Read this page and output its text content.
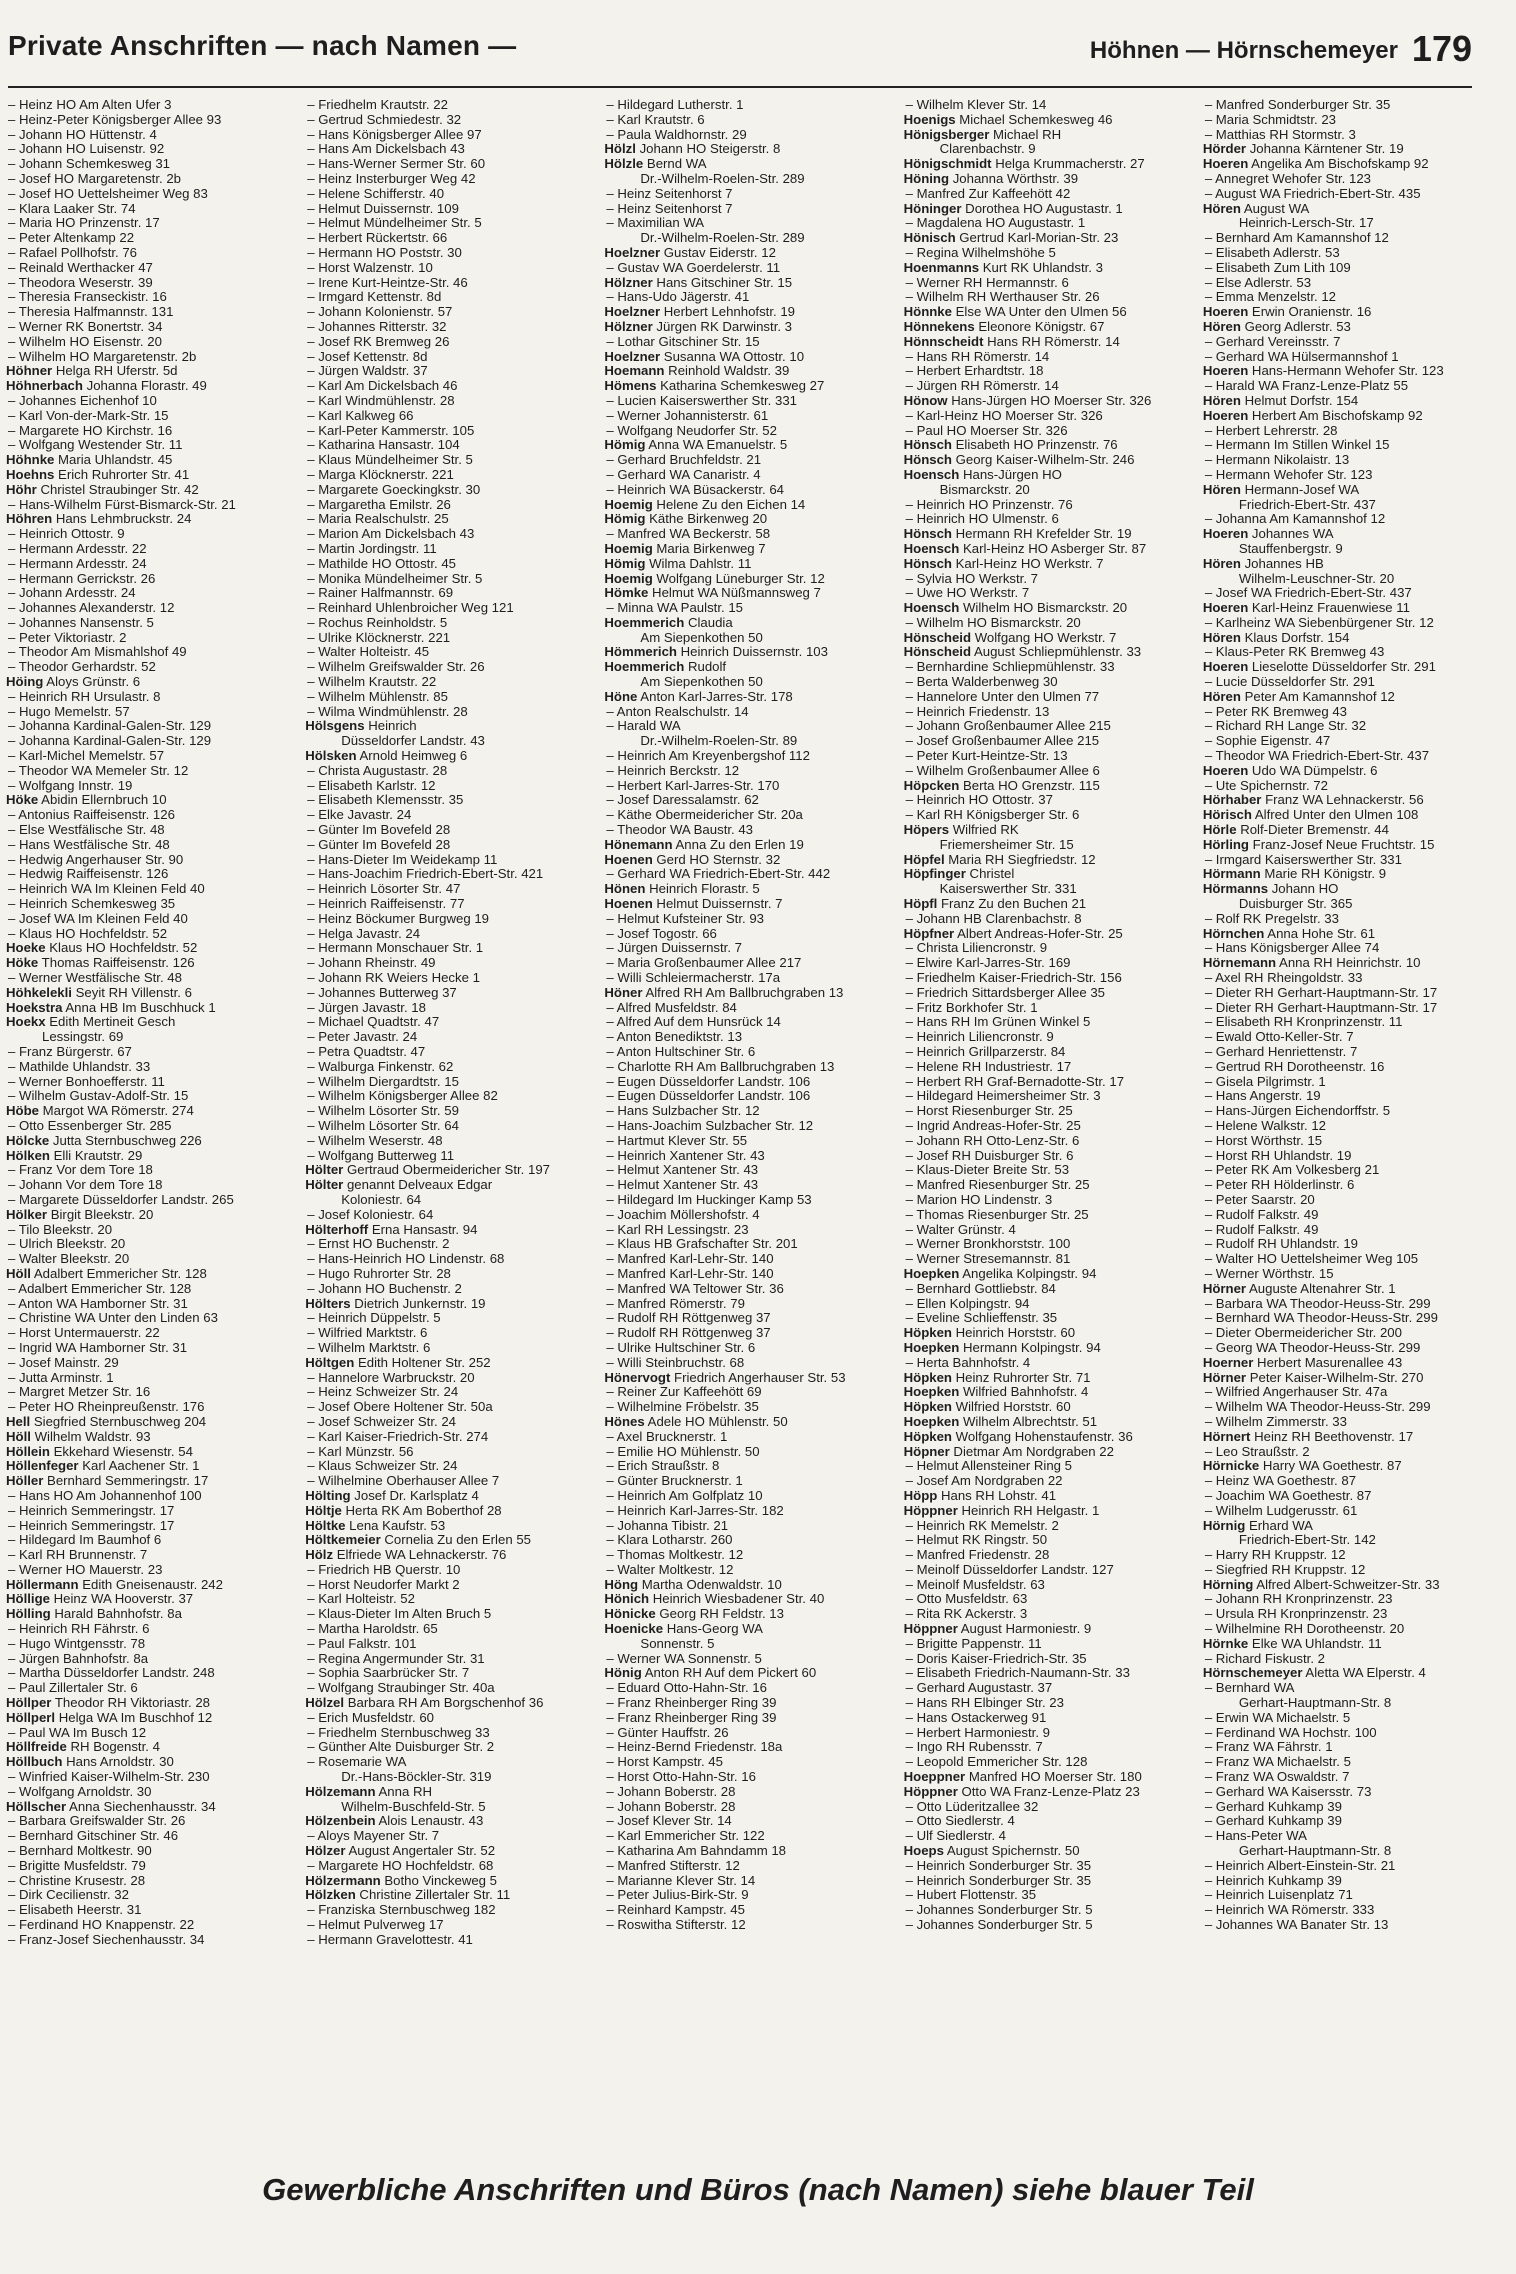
Private Anschriften — nach Namen —	Höhnen — Hörnschemeyer 179
– Heinz HO Am Alten Ufer 3
– Heinz-Peter Königsberger Allee 93
– Johann HO Hüttenstr. 4
– Johann HO Luisenstr. 92
– Johann Schemkesweg 31
– Josef HO Margaretenstr. 2b
– Josef HO Uettelsheimer Weg 83
– Klara Laaker Str. 74
– Maria HO Prinzenstr. 17
– Peter Altenkamp 22
– Rafael Pollhofstr. 76
– Reinald Werthacker 47
– Theodora Weserstr. 39
– Theresia Franseckistr. 16
– Theresia Halfmannstr. 131
– Werner RK Bonertstr. 34
– Wilhelm HO Eisenstr. 20
– Wilhelm HO Margaretenstr. 2b
Höhner Helga RH Uferstr. 5d
Höhnerbach Johanna Florastr. 49
– Johannes Eichenhof 10
– Karl Von-der-Mark-Str. 15
– Margarete HO Kirchstr. 16
– Wolfgang Westender Str. 11
Höhnke Maria Uhlandstr. 45
Hoehns Erich Ruhrorter Str. 41
Höhr Christel Straubinger Str. 42
– Hans-Wilhelm Fürst-Bismarck-Str. 21
Höhren Hans Lehmbruckstr. 24
– Heinrich Ottostr. 9
– Hermann Ardesstr. 22
– Hermann Ardesstr. 24
– Hermann Gerrickstr. 26
– Johann Ardesstr. 24
– Johannes Alexanderstr. 12
– Johannes Nansenstr. 5
– Peter Viktoriastr. 2
– Theodor Am Mismahlshof 49
– Theodor Gerhardstr. 52
Höing Aloys Grünstr. 6
– Heinrich RH Ursulastr. 8
– Hugo Memelstr. 57
– Johanna Kardinal-Galen-Str. 129
– Johanna Kardinal-Galen-Str. 129
– Karl-Michel Memelstr. 57
– Theodor WA Memeler Str. 12
– Wolfgang Innstr. 19
Höke Abidin Ellernbruch 10
– Antonius Raiffeisenstr. 126
– Else Westfälische Str. 48
– Hans Westfälische Str. 48
– Hedwig Angerhauser Str. 90
– Hedwig Raiffeisenstr. 126
– Heinrich WA Im Kleinen Feld 40
– Heinrich Schemkesweg 35
– Josef WA Im Kleinen Feld 40
– Klaus HO Hochfeldstr. 52
Hoeke Klaus HO Hochfeldstr. 52
Höke Thomas Raiffeisenstr. 126
– Werner Westfälische Str. 48
Höhkelekli Seyit RH Villenstr. 6
Hoekstra Anna HB Im Buschhuck 1
Hoekx Edith Mertineit Gesch
Lessingstr. 69
– Franz Bürgerstr. 67
– Mathilde Uhlandstr. 33
– Werner Bonhoefferstr. 11
– Wilhelm Gustav-Adolf-Str. 15
Höbe Margot WA Römerstr. 274
– Otto Essenberger Str. 285
Hölcke Jutta Sternbuschweg 226
Hölken Elli Krautstr. 29
– Franz Vor dem Tore 18
– Johann Vor dem Tore 18
– Margarete Düsseldorfer Landstr. 265
Hölker Birgit Bleekstr. 20
– Tilo Bleekstr. 20
– Ulrich Bleekstr. 20
– Walter Bleekstr. 20
Höll Adalbert Emmericher Str. 128
– Adalbert Emmericher Str. 128
– Anton WA Hamborner Str. 31
– Christine WA Unter den Linden 63
– Horst Untermauerstr. 22
– Ingrid WA Hamborner Str. 31
– Josef Mainstr. 29
– Jutta Arminstr. 1
– Margret Metzer Str. 16
– Peter HO Rheinpreußenstr. 176
Hell Siegfried Sternbuschweg 204
Höll Wilhelm Waldstr. 93
Höllein Ekkehard Wiesenstr. 54
Höllenfeger Karl Aachener Str. 1
Höller Bernhard Semmeringstr. 17
– Hans HO Am Johannenhof 100
– Heinrich Semmeringstr. 17
– Heinrich Semmeringstr. 17
– Hildegard Im Baumhof 6
– Karl RH Brunnenstr. 7
– Werner HO Mauerstr. 23
Höllermann Edith Gneisenaustr. 242
Höllige Heinz WA Hooverstr. 37
Hölling Harald Bahnhofstr. 8a
– Heinrich RH Fährstr. 6
– Hugo Wintgensstr. 78
– Jürgen Bahnhofstr. 8a
– Martha Düsseldorfer Landstr. 248
– Paul Zillertaler Str. 6
Höllper Theodor RH Viktoriastr. 28
Höllperl Helga WA Im Buschhof 12
– Paul WA Im Busch 12
Höllfreide RH Bogenstr. 4
Höllbuch Hans Arnoldstr. 30
– Winfried Kaiser-Wilhelm-Str. 230
– Wolfgang Arnoldstr. 30
Höllscher Anna Siechenhausstr. 34
– Barbara Greifswalder Str. 26
– Bernhard Gitschiner Str. 46
– Bernhard Moltkestr. 90
– Brigitte Musfeldstr. 79
– Christine Krusestr. 28
– Dirk Cecilienstr. 32
– Elisabeth Heerstr. 31
– Ferdinand HO Knappenstr. 22
– Franz-Josef Siechenhausstr. 34
– Friedhelm Krautstr. 22
– Gertrud Schmiedestr. 32
– Hans Königsberger Allee 97
– Hans Am Dickelsbach 43
– Hans-Werner Sermer Str. 60
– Heinz Insterburger Weg 42
– Helene Schifferstr. 40
– Helmut Duissernstr. 109
– Helmut Mündelheimer Str. 5
– Herbert Rückertstr. 66
– Hermann HO Poststr. 30
– Horst Walzenstr. 10
– Irene Kurt-Heintze-Str. 46
– Irmgard Kettenstr. 8d
– Johann Kolonienstr. 57
– Johannes Ritterstr. 32
– Josef RK Bremweg 26
– Josef Kettenstr. 8d
– Jürgen Waldstr. 37
– Karl Am Dickelsbach 46
– Karl Windmühlenstr. 28
– Karl Kalkweg 66
– Karl-Peter Kammerstr. 105
– Katharina Hansastr. 104
– Klaus Mündelheimer Str. 5
– Marga Klöcknerstr. 221
– Margarete Goeckingkstr. 30
– Margaretha Emilstr. 26
– Maria Realschulstr. 25
– Marion Am Dickelsbach 43
– Martin Jordingstr. 11
– Mathilde HO Ottostr. 45
– Monika Mündelheimer Str. 5
– Rainer Halfmannstr. 69
– Reinhard Uhlenbroicher Weg 121
– Rochus Reinholdstr. 5
– Ulrike Klöcknerstr. 221
– Walter Holteistr. 45
– Wilhelm Greifswalder Str. 26
– Wilhelm Krautstr. 22
– Wilhelm Mühlenstr. 85
– Wilma Windmühlenstr. 28
Hölsgens Heinrich
Düsseldorfer Landstr. 43
Hölsken Arnold Heimweg 6
– Christa Augustastr. 28
– Elisabeth Karlstr. 12
– Elisabeth Klemensstr. 35
– Elke Javastr. 24
– Günter Im Bovefeld 28
– Günter Im Bovefeld 28
– Hans-Dieter Im Weidekamp 11
– Hans-Joachim Friedrich-Ebert-Str. 421
– Heinrich Lösorter Str. 47
– Heinrich Raiffeisenstr. 77
– Heinz Böckumer Burgweg 19
– Helga Javastr. 24
– Hermann Monschauer Str. 1
– Johann Rheinstr. 49
– Johann RK Weiers Hecke 1
– Johannes Butterweg 37
– Jürgen Javastr. 18
– Michael Quadtstr. 47
– Peter Javastr. 24
– Petra Quadtstr. 47
– Walburga Finkenstr. 62
– Wilhelm Diergardtstr. 15
– Wilhelm Königsberger Allee 82
– Wilhelm Lösorter Str. 59
– Wilhelm Lösorter Str. 64
– Wilhelm Weserstr. 48
– Wolfgang Butterweg 11
Hölter Gertraud Obermeidericher Str. 197
Hölter genannt Delveaux Edgar
Koloniestr. 64
– Josef Koloniestr. 64
Hölterhoff Erna Hansastr. 94
– Ernst HO Buchenstr. 2
– Hans-Heinrich HO Lindenstr. 68
– Hugo Ruhrorter Str. 28
– Johann HO Buchenstr. 2
Hölters Dietrich Junkernstr. 19
– Heinrich Düppelstr. 5
– Wilfried Marktstr. 6
– Wilhelm Marktstr. 6
Höltgen Edith Holtener Str. 252
– Hannelore Warbruckstr. 20
– Heinz Schweizer Str. 24
– Josef Obere Holtener Str. 50a
– Josef Schweizer Str. 24
– Karl Kaiser-Friedrich-Str. 274
– Karl Münzstr. 56
– Klaus Schweizer Str. 24
– Wilhelmine Oberhauser Allee 7
Hölting Josef Dr. Karlsplatz 4
Höltje Herta RK Am Boberthof 28
Höltke Lena Kaufstr. 53
Höltkemeier Cornelia Zu den Erlen 55
Hölz Elfriede WA Lehnackerstr. 76
– Friedrich HB Querstr. 10
– Horst Neudorfer Markt 2
– Karl Holteistr. 52
– Klaus-Dieter Im Alten Bruch 5
– Martha Haroldstr. 65
– Paul Falkstr. 101
– Regina Angermunder Str. 31
– Sophia Saarbrücker Str. 7
– Wolfgang Straubinger Str. 40a
Hölzel Barbara RH Am Borgschenhof 36
– Erich Musfeldstr. 60
– Friedhelm Sternbuschweg 33
– Günther Alte Duisburger Str. 2
– Rosemarie WA
Dr.-Hans-Böckler-Str. 319
Hölzemann Anna RH
Wilhelm-Buschfeld-Str. 5
Hölzenbein Alois Lenaustr. 43
– Aloys Mayener Str. 7
Hölzer August Angertaler Str. 52
– Margarete HO Hochfeldstr. 68
Hölzermann Botho Vinckeweg 5
Hölzken Christine Zillertaler Str. 11
– Franziska Sternbuschweg 182
– Helmut Pulverweg 17
– Hermann Gravelottestr. 41
– Hildegard Lutherstr. 1
– Karl Krautstr. 6
– Paula Waldhornstr. 29
Hölzl Johann HO Steigerstr. 8
Hölzle Bernd WA
Dr.-Wilhelm-Roelen-Str. 289
– Heinz Seitenhorst 7
– Heinz Seitenhorst 7
– Maximilian WA
Dr.-Wilhelm-Roelen-Str. 289
Hoelzner Gustav Eiderstr. 12
– Gustav WA Goerdelerstr. 11
Hölzner Hans Gitschiner Str. 15
– Hans-Udo Jägerstr. 41
Hoelzner Herbert Lehnhofstr. 19
Hölzner Jürgen RK Darwinstr. 3
– Lothar Gitschiner Str. 15
Hoelzner Susanna WA Ottostr. 10
Hoemann Reinhold Waldstr. 39
Hömens Katharina Schemkesweg 27
– Lucien Kaiserswerther Str. 331
– Werner Johannisterstr. 61
– Wolfgang Neudorfer Str. 52
Hömig Anna WA Emanuelstr. 5
– Gerhard Bruchfeldstr. 21
– Gerhard WA Canaristr. 4
– Heinrich WA Büsackerstr. 64
Hoemig Helene Zu den Eichen 14
Hömig Käthe Birkenweg 20
– Manfred WA Beckerstr. 58
Hoemig Maria Birkenweg 7
Hömig Wilma Dahlstr. 11
Hoemig Wolfgang Lüneburger Str. 12
Hömke Helmut WA Nüßmannsweg 7
– Minna WA Paulstr. 15
Hoemmerich Claudia
Am Siepenkothen 50
Hömmerich Heinrich Duissernstr. 103
Hoemmerich Rudolf
Am Siepenkothen 50
Höne Anton Karl-Jarres-Str. 178
– Anton Realschulstr. 14
– Harald WA
Dr.-Wilhelm-Roelen-Str. 89
– Heinrich Am Kreyenbergshof 112
– Heinrich Berckstr. 12
– Herbert Karl-Jarres-Str. 170
– Josef Daressalamstr. 62
– Käthe Obermeidericher Str. 20a
– Theodor WA Baustr. 43
Hönemann Anna Zu den Erlen 19
Hoenen Gerd HO Sternstr. 32
– Gerhard WA Friedrich-Ebert-Str. 442
Hönen Heinrich Florastr. 5
Hoenen Helmut Duissernstr. 7
– Helmut Kufsteiner Str. 93
– Josef Togostr. 66
– Jürgen Duissernstr. 7
– Maria Großenbaumer Allee 217
– Willi Schleiermacherstr. 17a
Höner Alfred RH Am Ballbruchgraben 13
– Alfred Musfeldstr. 84
– Alfred Auf dem Hunsrück 14
– Anton Benediktstr. 13
– Anton Hultschiner Str. 6
– Charlotte RH Am Ballbruchgraben 13
– Eugen Düsseldorfer Landstr. 106
– Eugen Düsseldorfer Landstr. 106
– Hans Sulzbacher Str. 12
– Hans-Joachim Sulzbacher Str. 12
– Hartmut Klever Str. 55
– Heinrich Xantener Str. 43
– Helmut Xantener Str. 43
– Helmut Xantener Str. 43
– Hildegard Im Huckinger Kamp 53
– Joachim Möllershofstr. 4
– Karl RH Lessingstr. 23
– Klaus HB Grafschafter Str. 201
– Manfred Karl-Lehr-Str. 140
– Manfred Karl-Lehr-Str. 140
– Manfred WA Teltower Str. 36
– Manfred Römerstr. 79
– Rudolf RH Röttgenweg 37
– Rudolf RH Röttgenweg 37
– Ulrike Hultschiner Str. 6
– Willi Steinbruchstr. 68
Hönervogt Friedrich Angerhauser Str. 53
– Reiner Zur Kaffeehött 69
– Wilhelmine Fröbelstr. 35
Hönes Adele HO Mühlenstr. 50
– Axel Brucknerstr. 1
– Emilie HO Mühlenstr. 50
– Erich Straußstr. 8
– Günter Brucknerstr. 1
– Heinrich Am Golfplatz 10
– Heinrich Karl-Jarres-Str. 182
– Johanna Tibistr. 21
– Klara Lotharstr. 260
– Thomas Moltkestr. 12
– Walter Moltkestr. 12
Höng Martha Odenwaldstr. 10
Hönich Heinrich Wiesbadener Str. 40
Hönicke Georg RH Feldstr. 13
Hoenicke Hans-Georg WA
Sonnenstr. 5
– Werner WA Sonnenstr. 5
Hönig Anton RH Auf dem Pickert 60
– Eduard Otto-Hahn-Str. 16
– Franz Rheinberger Ring 39
– Franz Rheinberger Ring 39
– Günter Hauffstr. 26
– Heinz-Bernd Friedenstr. 18a
– Horst Kampstr. 45
– Horst Otto-Hahn-Str. 16
– Johann Boberstr. 28
– Johann Boberstr. 28
– Josef Klever Str. 14
– Karl Emmericher Str. 122
– Katharina Am Bahndamm 18
– Manfred Stifterstr. 12
– Marianne Klever Str. 14
– Peter Julius-Birk-Str. 9
– Reinhard Kampstr. 45
– Roswitha Stifterstr. 12
– Wilhelm Klever Str. 14
Hoenigs Michael Schemkesweg 46
Hönigsberger Michael RH
Clarenbachstr. 9
Hönigschmidt Helga Krummacherstr. 27
Höning Johanna Wörthstr. 39
– Manfred Zur Kaffeehött 42
Höninger Dorothea HO Augustastr. 1
– Magdalena HO Augustastr. 1
Hönisch Gertrud Karl-Morian-Str. 23
– Regina Wilhelmshöhe 5
Hoenmanns Kurt RK Uhlandstr. 3
– Werner RH Hermannstr. 6
– Wilhelm RH Werthauser Str. 26
Hönnke Else WA Unter den Ulmen 56
Hönnekens Eleonore Königstr. 67
Hönnscheidt Hans RH Römerstr. 14
– Hans RH Römerstr. 14
– Herbert Erhardtstr. 18
– Jürgen RH Römerstr. 14
Hönow Hans-Jürgen HO Moerser Str. 326
– Karl-Heinz HO Moerser Str. 326
– Paul HO Moerser Str. 326
Hönsch Elisabeth HO Prinzenstr. 76
Hönsch Georg Kaiser-Wilhelm-Str. 246
Hoensch Hans-Jürgen HO
Bismarckstr. 20
– Heinrich HO Prinzenstr. 76
– Heinrich HO Ulmenstr. 6
Hönsch Hermann RH Krefelder Str. 19
Hoensch Karl-Heinz HO Asberger Str. 87
Hönsch Karl-Heinz HO Werkstr. 7
– Sylvia HO Werkstr. 7
– Uwe HO Werkstr. 7
Hoensch Wilhelm HO Bismarckstr. 20
– Wilhelm HO Bismarckstr. 20
Hönscheid Wolfgang HO Werkstr. 7
Hönscheid August Schliepmühlenstr. 33
– Bernhardine Schliepmühlenstr. 33
– Berta Walderbenweg 30
– Hannelore Unter den Ulmen 77
– Heinrich Friedenstr. 13
– Johann Großenbaumer Allee 215
– Josef Großenbaumer Allee 215
– Peter Kurt-Heintze-Str. 13
– Wilhelm Großenbaumer Allee 6
Höpcken Berta HO Grenzstr. 115
– Heinrich HO Ottostr. 37
– Karl RH Königsberger Str. 6
Höpers Wilfried RK
Friemersheimer Str. 15
Höpfel Maria RH Siegfriedstr. 12
Höpfinger Christel
Kaiserswerther Str. 331
Höpfl Franz Zu den Buchen 21
– Johann HB Clarenbachstr. 8
Höpfner Albert Andreas-Hofer-Str. 25
– Christa Liliencronstr. 9
– Elwire Karl-Jarres-Str. 169
– Friedhelm Kaiser-Friedrich-Str. 156
– Friedrich Sittardsberger Allee 35
– Fritz Borkhofer Str. 1
– Hans RH Im Grünen Winkel 5
– Heinrich Liliencronstr. 9
– Heinrich Grillparzerstr. 84
– Helene RH Industriestr. 17
– Herbert RH Graf-Bernadotte-Str. 17
– Hildegard Heimersheimer Str. 3
– Horst Riesenburger Str. 25
– Ingrid Andreas-Hofer-Str. 25
– Johann RH Otto-Lenz-Str. 6
– Josef RH Duisburger Str. 6
– Klaus-Dieter Breite Str. 53
– Manfred Riesenburger Str. 25
– Marion HO Lindenstr. 3
– Thomas Riesenburger Str. 25
– Walter Grünstr. 4
– Werner Bronkhorststr. 100
– Werner Stresemannstr. 81
Hoepken Angelika Kolpingstr. 94
– Bernhard Gottliebstr. 84
– Ellen Kolpingstr. 94
– Eveline Schlieffenstr. 35
Höpken Heinrich Horststr. 60
Hoepken Hermann Kolpingstr. 94
– Herta Bahnhofstr. 4
Höpken Heinz Ruhrorter Str. 71
Hoepken Wilfried Bahnhofstr. 4
Höpken Wilfried Horststr. 60
Hoepken Wilhelm Albrechtstr. 51
Höpken Wolfgang Hohenstaufenstr. 36
Höpner Dietmar Am Nordgraben 22
– Helmut Allensteiner Ring 5
– Josef Am Nordgraben 22
Höpp Hans RH Lohstr. 41
Höppner Heinrich RH Helgastr. 1
– Heinrich RK Memelstr. 2
– Helmut RK Ringstr. 50
– Manfred Friedenstr. 28
– Meinolf Düsseldorfer Landstr. 127
– Meinolf Musfeldstr. 63
– Otto Musfeldstr. 63
– Rita RK Ackerstr. 3
Höppner August Harmoniestr. 9
– Brigitte Pappenstr. 11
– Doris Kaiser-Friedrich-Str. 35
– Elisabeth Friedrich-Naumann-Str. 33
– Gerhard Augustastr. 37
– Hans RH Elbinger Str. 23
– Hans Ostackerweg 91
– Herbert Harmoniestr. 9
– Ingo RH Rubensstr. 7
– Leopold Emmericher Str. 128
Hoeppner Manfred HO Moerser Str. 180
Höppner Otto WA Franz-Lenze-Platz 23
– Otto Lüderitzallee 32
– Otto Siedlerstr. 4
– Ulf Siedlerstr. 4
Hoeps August Spichernstr. 50
– Heinrich Sonderburger Str. 35
– Heinrich Sonderburger Str. 35
– Hubert Flottenstr. 35
– Johannes Sonderburger Str. 5
– Johannes Sonderburger Str. 5
– Manfred Sonderburger Str. 35
– Maria Schmidtstr. 23
– Matthias RH Stormstr. 3
Hörder Johanna Kärntener Str. 19
Hoeren Angelika Am Bischofskamp 92
– Annegret Wehofer Str. 123
– August WA Friedrich-Ebert-Str. 435
Hören August WA
Heinrich-Lersch-Str. 17
– Bernhard Am Kamannshof 12
– Elisabeth Adlerstr. 53
– Elisabeth Zum Lith 109
– Else Adlerstr. 53
– Emma Menzelstr. 12
Hoeren Erwin Oranienstr. 16
Hören Georg Adlerstr. 53
– Gerhard Vereinsstr. 7
– Gerhard WA Hülsermannshof 1
Hoeren Hans-Hermann Wehofer Str. 123
– Harald WA Franz-Lenze-Platz 55
Hören Helmut Dorfstr. 154
Hoeren Herbert Am Bischofskamp 92
– Herbert Lehrerstr. 28
– Hermann Im Stillen Winkel 15
– Hermann Nikolaistr. 13
– Hermann Wehofer Str. 123
Hören Hermann-Josef WA
Friedrich-Ebert-Str. 437
– Johanna Am Kamannshof 12
Hoeren Johannes WA
Stauffenbergstr. 9
Hören Johannes HB
Wilhelm-Leuschner-Str. 20
– Josef WA Friedrich-Ebert-Str. 437
Hoeren Karl-Heinz Frauenwiese 11
– Karlheinz WA Siebenbürgener Str. 12
Hören Klaus Dorfstr. 154
– Klaus-Peter RK Bremweg 43
Hoeren Lieselotte Düsseldorfer Str. 291
– Lucie Düsseldorfer Str. 291
Hören Peter Am Kamannshof 12
– Peter RK Bremweg 43
– Richard RH Lange Str. 32
– Sophie Eigenstr. 47
– Theodor WA Friedrich-Ebert-Str. 437
Hoeren Udo WA Dümpelstr. 6
– Ute Spichernstr. 72
Hörhaber Franz WA Lehnackerstr. 56
Hörisch Alfred Unter den Ulmen 108
Hörle Rolf-Dieter Bremenstr. 44
Hörling Franz-Josef Neue Fruchtstr. 15
– Irmgard Kaiserswerther Str. 331
Hörmann Marie RH Königstr. 9
Hörmanns Johann HO
Duisburger Str. 365
– Rolf RK Pregelstr. 33
Hörnchen Anna Hohe Str. 61
– Hans Königsberger Allee 74
Hörnemann Anna RH Heinrichstr. 10
– Axel RH Rheingoldstr. 33
– Dieter RH Gerhart-Hauptmann-Str. 17
– Dieter RH Gerhart-Hauptmann-Str. 17
– Elisabeth RH Kronprinzenstr. 11
– Ewald Otto-Keller-Str. 7
– Gerhard Henriettenstr. 7
– Gertrud RH Dorotheenstr. 16
– Gisela Pilgrimstr. 1
– Hans Angerstr. 19
– Hans-Jürgen Eichendorffstr. 5
– Helene Walkstr. 12
– Horst Wörthstr. 15
– Horst RH Uhlandstr. 19
– Peter RK Am Volkesberg 21
– Peter RH Hölderlinstr. 6
– Peter Saarstr. 20
– Rudolf Falkstr. 49
– Rudolf Falkstr. 49
– Rudolf RH Uhlandstr. 19
– Walter HO Uettelsheimer Weg 105
– Werner Wörthstr. 15
Hörner Auguste Altenahrer Str. 1
– Barbara WA Theodor-Heuss-Str. 299
– Bernhard WA Theodor-Heuss-Str. 299
– Dieter Obermeidericher Str. 200
– Georg WA Theodor-Heuss-Str. 299
Hoerner Herbert Masurenallee 43
Hörner Peter Kaiser-Wilhelm-Str. 270
– Wilfried Angerhauser Str. 47a
– Wilhelm WA Theodor-Heuss-Str. 299
– Wilhelm Zimmerstr. 33
Hörnert Heinz RH Beethovenstr. 17
– Leo Straußstr. 2
Hörnicke Harry WA Goethestr. 87
– Heinz WA Goethestr. 87
– Joachim WA Goethestr. 87
– Wilhelm Ludgerusstr. 61
Hörnig Erhard WA
Friedrich-Ebert-Str. 142
– Harry RH Kruppstr. 12
– Siegfried RH Kruppstr. 12
Hörning Alfred Albert-Schweitzer-Str. 33
– Johann RH Kronprinzenstr. 23
– Ursula RH Kronprinzenstr. 23
– Wilhelmine RH Dorotheenstr. 20
Hörnke Elke WA Uhlandstr. 11
– Richard Fiskustr. 2
Hörnschemeyer Aletta WA Elperstr. 4
– Bernhard WA
Gerhart-Hauptmann-Str. 8
– Erwin WA Michaelstr. 5
– Ferdinand WA Hochstr. 100
– Franz WA Fährstr. 1
– Franz WA Michaelstr. 5
– Franz WA Oswaldstr. 7
– Gerhard WA Kaisersstr. 73
– Gerhard Kuhkamp 39
– Gerhard Kuhkamp 39
– Hans-Peter WA
Gerhart-Hauptmann-Str. 8
– Heinrich Albert-Einstein-Str. 21
– Heinrich Kuhkamp 39
– Heinrich Luisenplatz 71
– Heinrich WA Römerstr. 333
– Johannes WA Banater Str. 13
Gewerbliche Anschriften und Büros (nach Namen) siehe blauer Teil
